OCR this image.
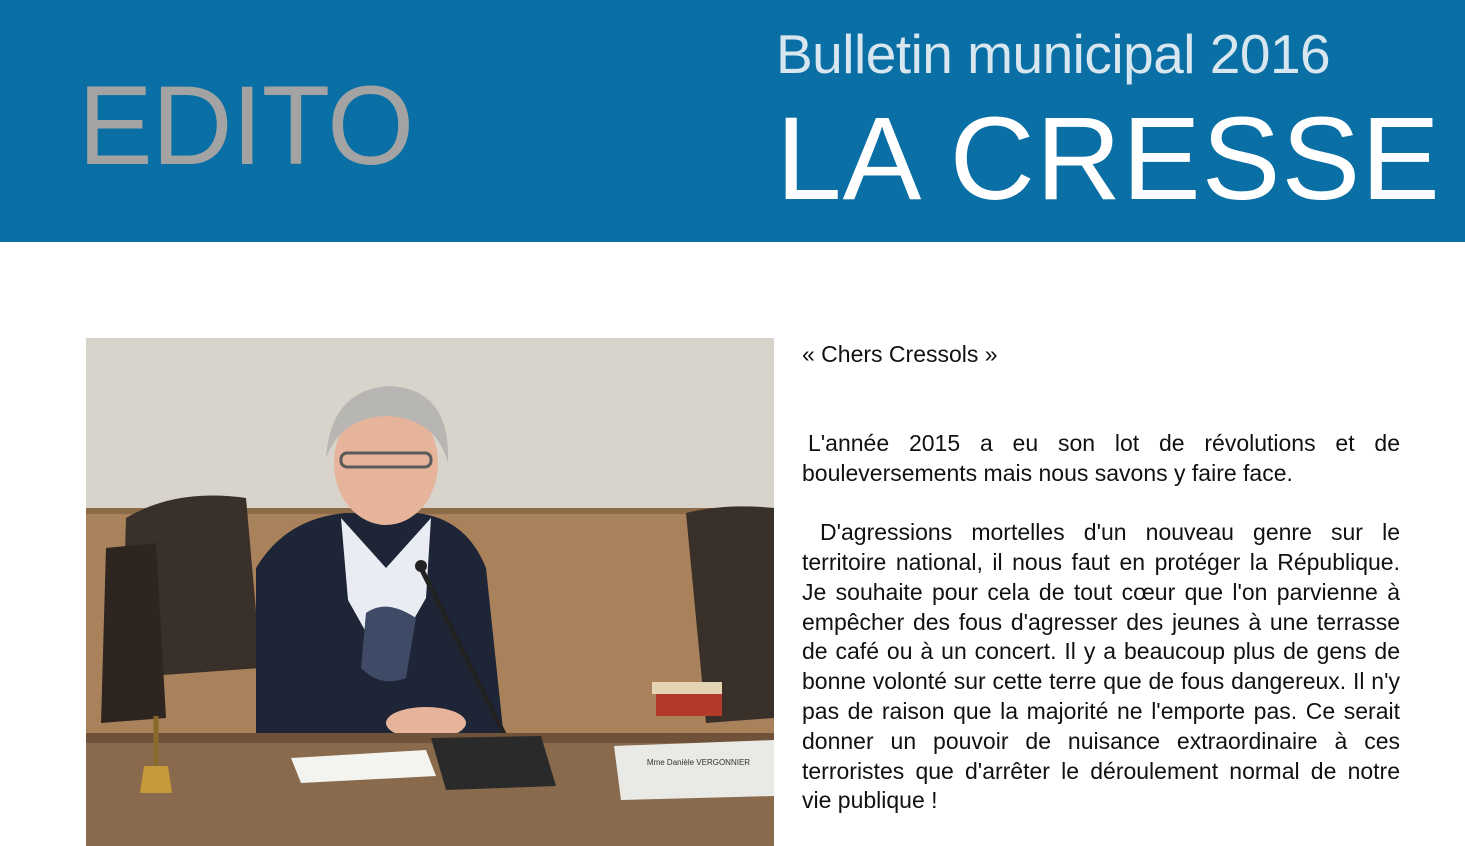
EDITO
Bulletin municipal 2016
LA CRESSE
Mme Danièle VERGONNIER
« Chers Cressols »
L'année 2015 a eu son lot de révolutions et de bouleversements mais nous savons y faire face.
D'agressions mortelles d'un nouveau genre sur le territoire national, il nous faut en protéger la République. Je souhaite pour cela de tout cœur que l'on parvienne à empêcher des fous d'agresser des jeunes à une terrasse de café ou à un concert. Il y a beaucoup plus de gens de bonne volonté sur cette terre que de fous dangereux. Il n'y pas de raison que la majorité ne l'emporte pas. Ce serait donner un pouvoir de nuisance extraordinaire à ces terroristes que d'arrêter le déroulement normal de notre vie publique !
